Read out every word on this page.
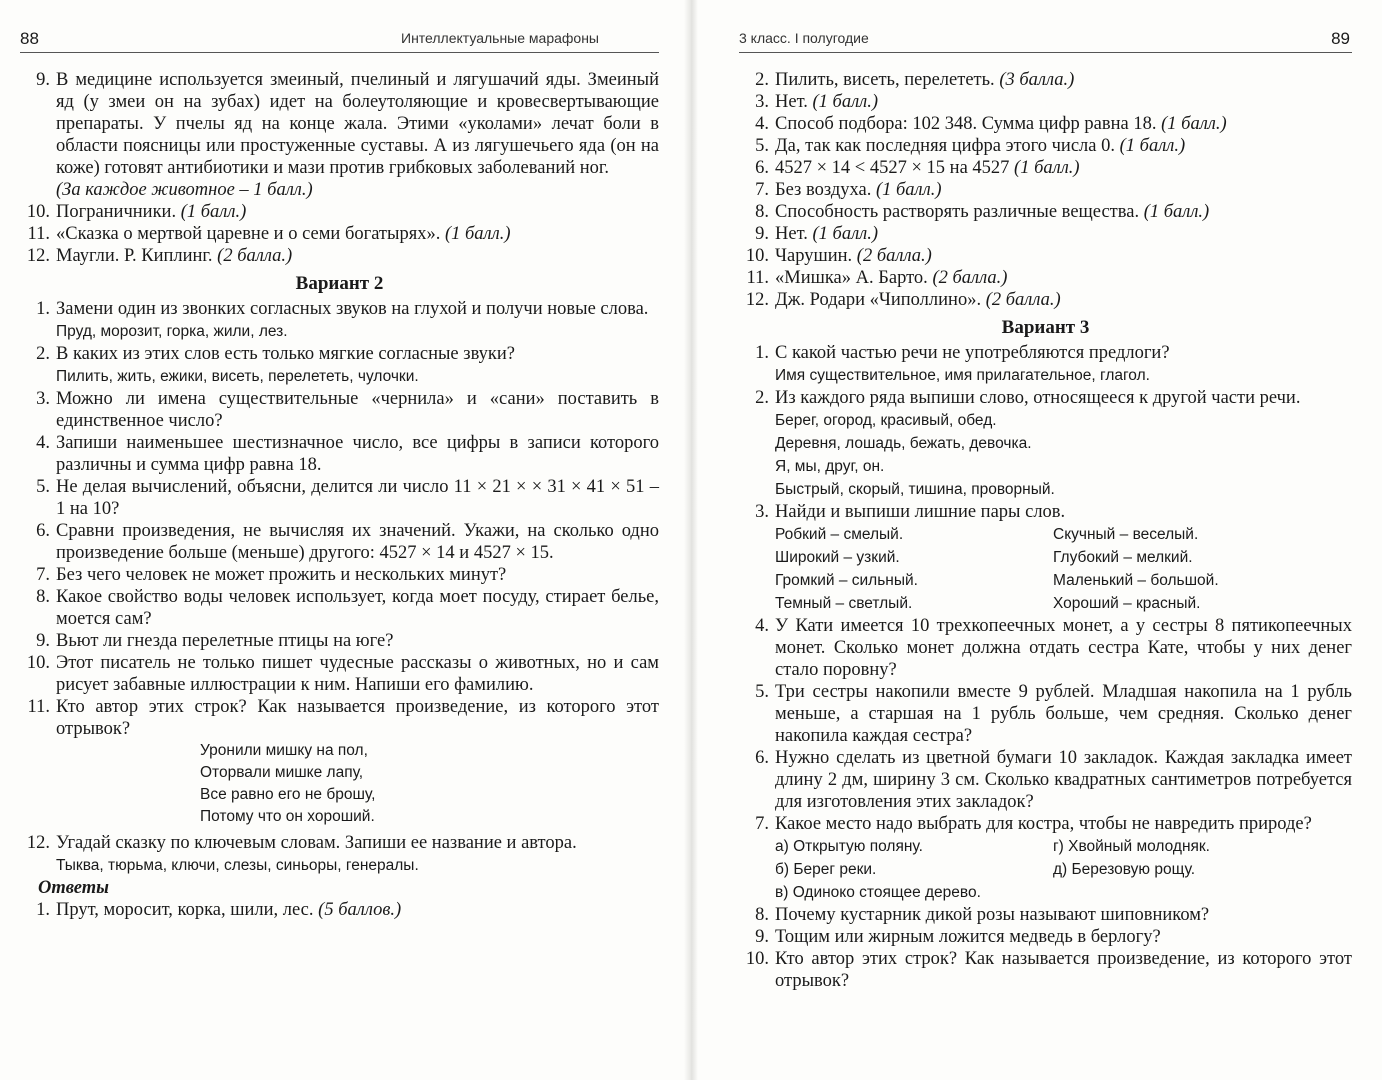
88	Интеллектуальные марафоны
9. В медицине используется змеиный, пчелиный и лягушачий яды. Змеиный яд (у змеи он на зубах) идет на болеутоляющие и кровесвертывающие препараты. У пчелы яд на конце жала. Этими «уколами» лечат боли в области поясницы или простуженные суставы. А из лягушечьего яда (он на коже) готовят антибиотики и мази против грибковых заболеваний ног.
(За каждое животное – 1 балл.)
10. Пограничники. (1 балл.)
11. «Сказка о мертвой царевне и о семи богатырях». (1 балл.)
12. Маугли. Р. Киплинг. (2 балла.)
Вариант 2
1. Замени один из звонких согласных звуков на глухой и получи новые слова.
Пруд, морозит, горка, жили, лез.
2. В каких из этих слов есть только мягкие согласные звуки?
Пилить, жить, ежики, висеть, перелететь, чулочки.
3. Можно ли имена существительные «чернила» и «сани» поставить в единственное число?
4. Запиши наименьшее шестизначное число, все цифры в записи которого различны и сумма цифр равна 18.
5. Не делая вычислений, объясни, делится ли число 11 × 21 × × 31 × 41 × 51 – 1 на 10?
6. Сравни произведения, не вычисляя их значений. Укажи, на сколько одно произведение больше (меньше) другого: 4527 × 14 и 4527 × 15.
7. Без чего человек не может прожить и нескольких минут?
8. Какое свойство воды человек использует, когда моет посуду, стирает белье, моется сам?
9. Вьют ли гнезда перелетные птицы на юге?
10. Этот писатель не только пишет чудесные рассказы о животных, но и сам рисует забавные иллюстрации к ним. Напиши его фамилию.
11. Кто автор этих строк? Как называется произведение, из которого этот отрывок?
Уронили мишку на пол,
Оторвали мишке лапу,
Все равно его не брошу,
Потому что он хороший.
12. Угадай сказку по ключевым словам. Запиши ее название и автора.
Тыква, тюрьма, ключи, слезы, синьоры, генералы.
Ответы
1. Прут, моросит, корка, шили, лес. (5 баллов.)
3 класс. I полугодие	89
2. Пилить, висеть, перелететь. (3 балла.)
3. Нет. (1 балл.)
4. Способ подбора: 102 348. Сумма цифр равна 18. (1 балл.)
5. Да, так как последняя цифра этого числа 0. (1 балл.)
6. 4527 × 14 < 4527 × 15 на 4527 (1 балл.)
7. Без воздуха. (1 балл.)
8. Способность растворять различные вещества. (1 балл.)
9. Нет. (1 балл.)
10. Чарушин. (2 балла.)
11. «Мишка» А. Барто. (2 балла.)
12. Дж. Родари «Чиполлино». (2 балла.)
Вариант 3
1. С какой частью речи не употребляются предлоги?
Имя существительное, имя прилагательное, глагол.
2. Из каждого ряда выпиши слово, относящееся к другой части речи.
Берег, огород, красивый, обед.
Деревня, лошадь, бежать, девочка.
Я, мы, друг, он.
Быстрый, скорый, тишина, проворный.
3. Найди и выпиши лишние пары слов.
Робкий – смелый.	Скучный – веселый.
Широкий – узкий.	Глубокий – мелкий.
Громкий – сильный.	Маленький – большой.
Темный – светлый.	Хороший – красный.
4. У Кати имеется 10 трехкопеечных монет, а у сестры 8 пятикопеечных монет. Сколько монет должна отдать сестра Кате, чтобы у них денег стало поровну?
5. Три сестры накопили вместе 9 рублей. Младшая накопила на 1 рубль меньше, а старшая на 1 рубль больше, чем средняя. Сколько денег накопила каждая сестра?
6. Нужно сделать из цветной бумаги 10 закладок. Каждая закладка имеет длину 2 дм, ширину 3 см. Сколько квадратных сантиметров потребуется для изготовления этих закладок?
7. Какое место надо выбрать для костра, чтобы не навредить природе?
а) Открытую поляну.	г) Хвойный молодняк.
б) Берег реки.	д) Березовую рощу.
в) Одиноко стоящее дерево.
8. Почему кустарник дикой розы называют шиповником?
9. Тощим или жирным ложится медведь в берлогу?
10. Кто автор этих строк? Как называется произведение, из которого этот отрывок?
